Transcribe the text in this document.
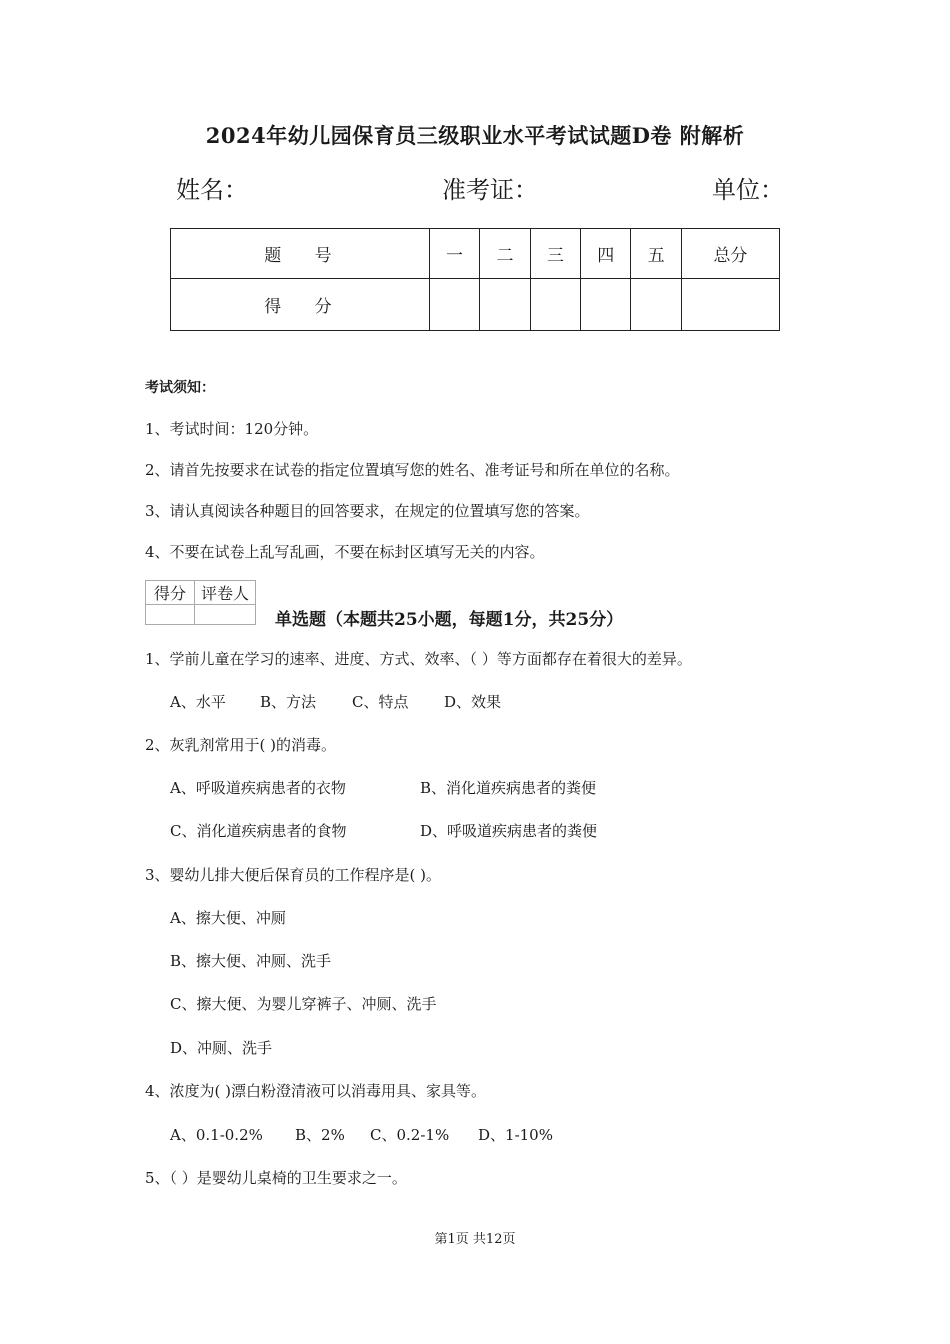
2024年幼儿园保育员三级职业水平考试试题D卷 附解析
姓名：	准考证：	单位：
题 号	一	二	三	四	五	总分
得 分						
考试须知：
1、考试时间：120分钟。
2、请首先按要求在试卷的指定位置填写您的姓名、准考证号和所在单位的名称。
3、请认真阅读各种题目的回答要求，在规定的位置填写您的答案。
4、不要在试卷上乱写乱画，不要在标封区填写无关的内容。
得分	评卷人

单选题（本题共25小题，每题1分，共25分）
1、学前儿童在学习的速率、进度、方式、效率、（ ）等方面都存在着很大的差异。
A、水平 B、方法 C、特点 D、效果
2、灰乳剂常用于( )的消毒。
A、呼吸道疾病患者的衣物	B、消化道疾病患者的粪便
C、消化道疾病患者的食物	D、呼吸道疾病患者的粪便
3、婴幼儿排大便后保育员的工作程序是( )。
A、擦大便、冲厕
B、擦大便、冲厕、洗手
C、擦大便、为婴儿穿裤子、冲厕、洗手
D、冲厕、洗手
4、浓度为( )漂白粉澄清液可以消毒用具、家具等。
A、0.1-0.2% B、2% C、0.2-1% D、1-10%
5、（ ）是婴幼儿桌椅的卫生要求之一。
第1页 共12页
